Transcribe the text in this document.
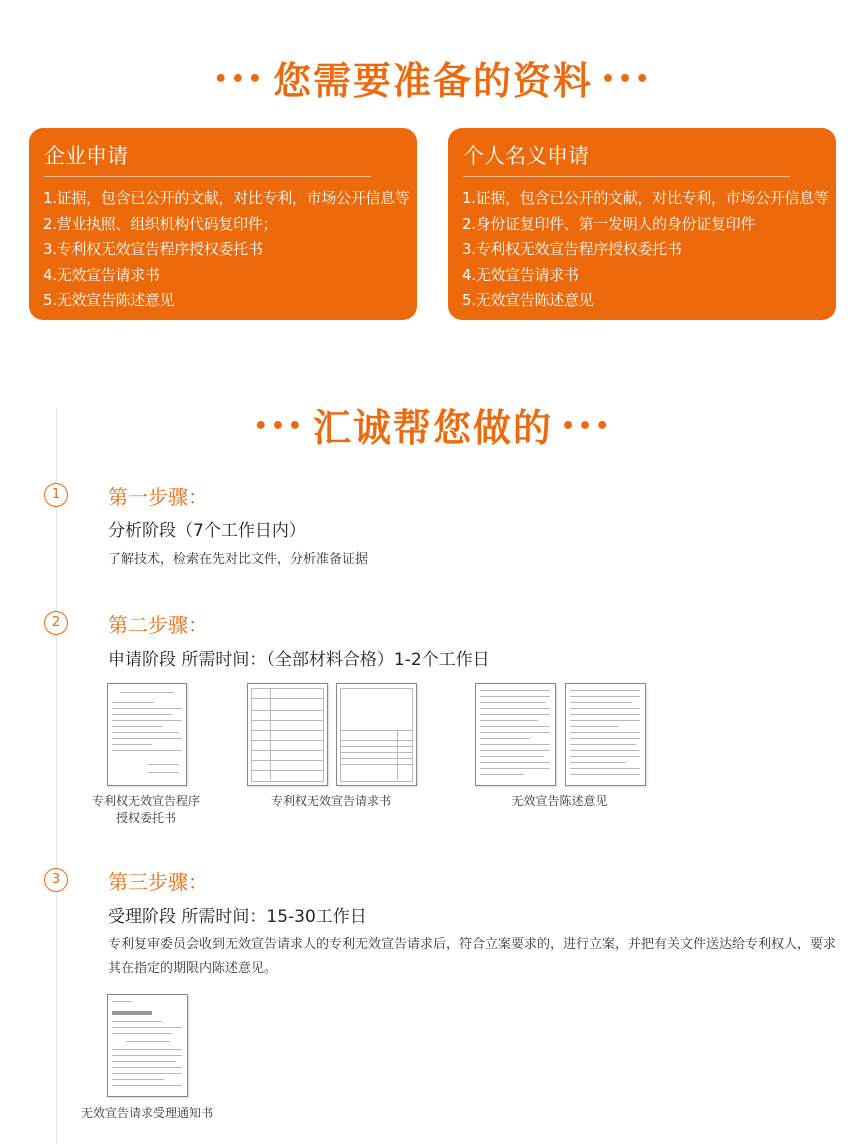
••• 您需要准备的资料 •••
企业申请
1.证据，包含已公开的文献，对比专利，市场公开信息等
2.营业执照、组织机构代码复印件；
3.专利权无效宣告程序授权委托书
4.无效宣告请求书
5.无效宣告陈述意见
个人名义申请
1.证据，包含已公开的文献，对比专利，市场公开信息等
2.身份证复印件、第一发明人的身份证复印件
3.专利权无效宣告程序授权委托书
4.无效宣告请求书
5.无效宣告陈述意见
••• 汇诚帮您做的 •••
1	第一步骤：
分析阶段（7个工作日内）
了解技术，检索在先对比文件，分析准备证据
2	第二步骤：
申请阶段 所需时间：（全部材料合格）1-2个工作日
专利权无效宣告程序授权委托书
专利权无效宣告请求书	无效宣告陈述意见
3	第三步骤：
受理阶段 所需时间：15-30工作日
专利复审委员会收到无效宣告请求人的专利无效宣告请求后，符合立案要求的，进行立案，并把有关文件送达给专利权人，要求其在指定的期限内陈述意见。
无效宣告请求受理通知书
